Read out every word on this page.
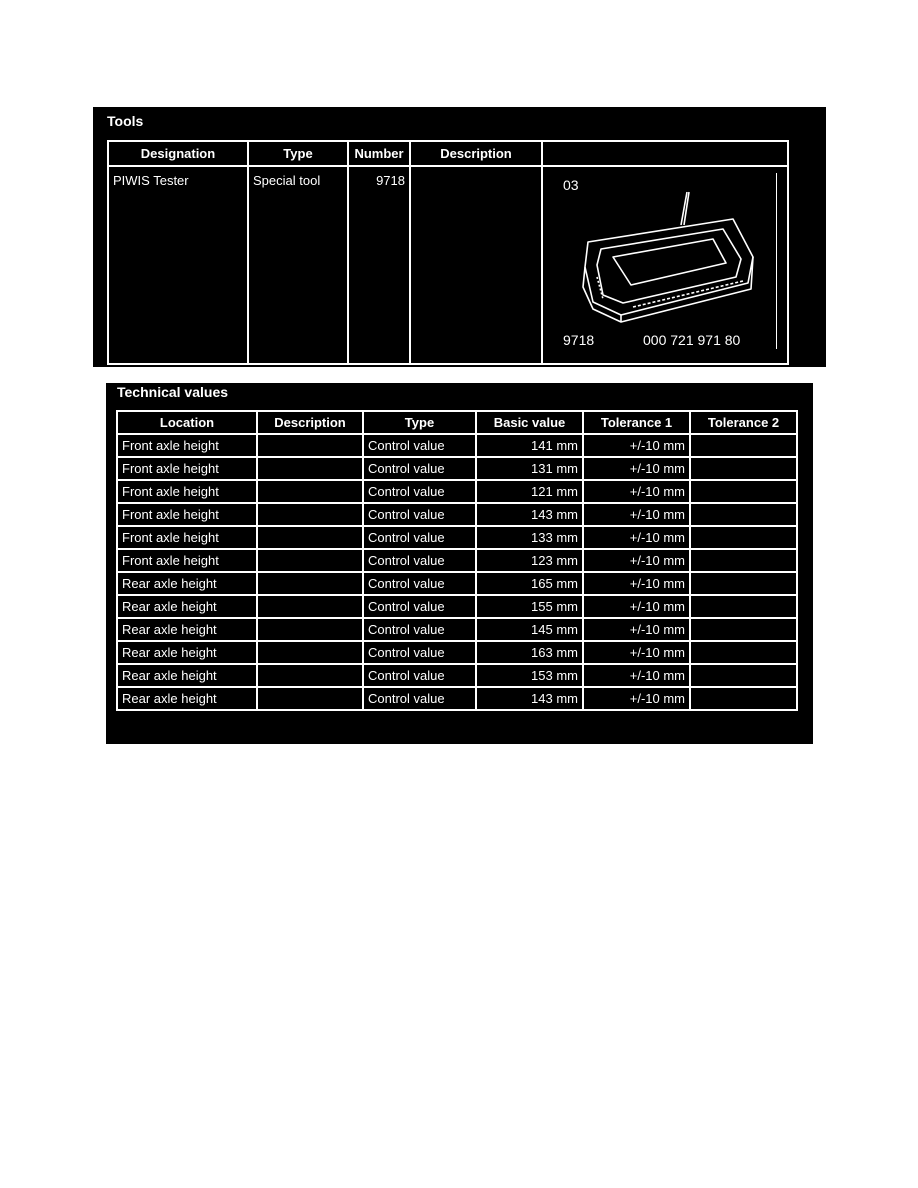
Tools
Designation	Type	Number	Description	
PIWIS Tester	Special tool	9718		03
9718 000 721 971 80
Technical values
Location	Description	Type	Basic value	Tolerance 1	Tolerance 2
Front axle height		Control value	141 mm	+/-10 mm	
Front axle height		Control value	131 mm	+/-10 mm	
Front axle height		Control value	121 mm	+/-10 mm	
Front axle height		Control value	143 mm	+/-10 mm	
Front axle height		Control value	133 mm	+/-10 mm	
Front axle height		Control value	123 mm	+/-10 mm	
Rear axle height		Control value	165 mm	+/-10 mm	
Rear axle height		Control value	155 mm	+/-10 mm	
Rear axle height		Control value	145 mm	+/-10 mm	
Rear axle height		Control value	163 mm	+/-10 mm	
Rear axle height		Control value	153 mm	+/-10 mm	
Rear axle height		Control value	143 mm	+/-10 mm	
